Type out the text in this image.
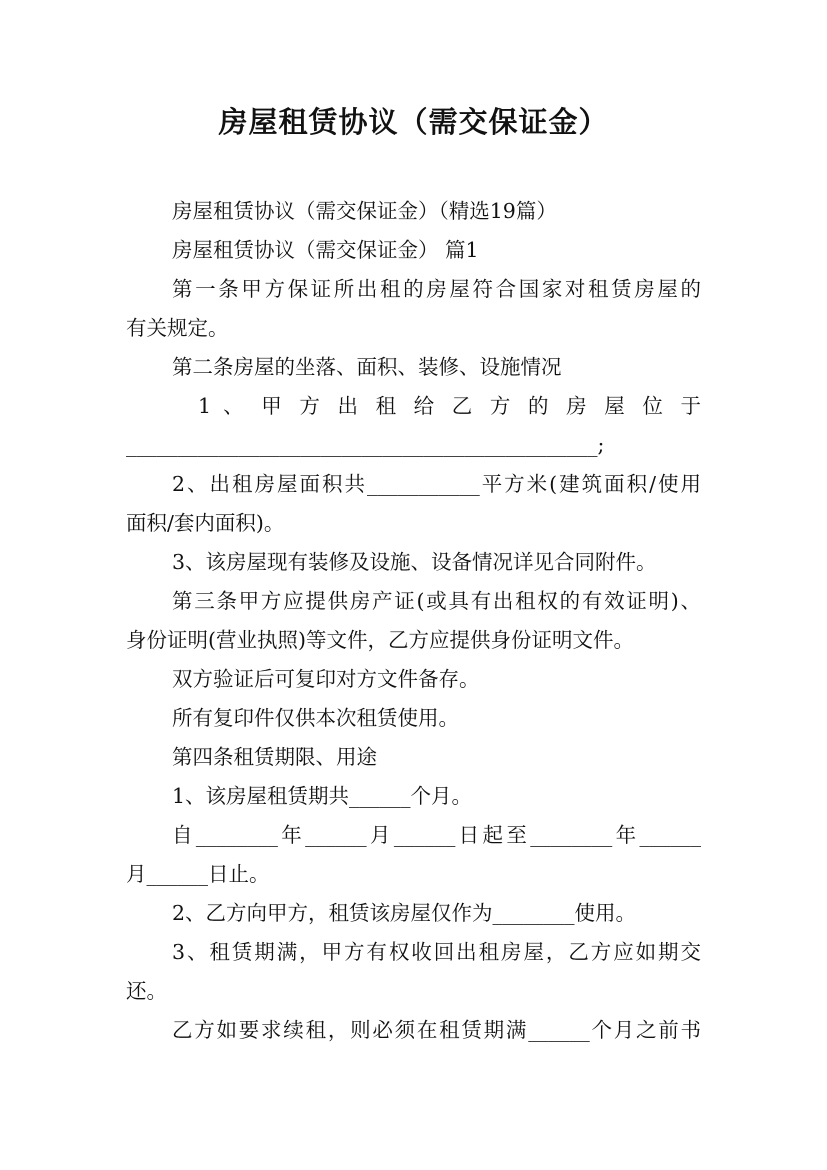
房屋租赁协议（需交保证金）
房屋租赁协议（需交保证金）（精选19篇）
房屋租赁协议（需交保证金） 篇1
第一条甲方保证所出租的房屋符合国家对租赁房屋的
有关规定。
第二条房屋的坐落、面积、装修、设施情况
1 、 甲 方 出 租 给 乙 方 的 房 屋 位 于
______________________________________________;
2、出租房屋面积共___________平方米(建筑面积/使用
面积/套内面积)。
3、该房屋现有装修及设施、设备情况详见合同附件。
第三条甲方应提供房产证(或具有出租权的有效证明)、
身份证明(营业执照)等文件，乙方应提供身份证明文件。
双方验证后可复印对方文件备存。
所有复印件仅供本次租赁使用。
第四条租赁期限、用途
1、该房屋租赁期共______个月。
自________年______月______日起至________年______
月______日止。
2、乙方向甲方，租赁该房屋仅作为________使用。
3、租赁期满，甲方有权收回出租房屋，乙方应如期交
还。
乙方如要求续租，则必须在租赁期满______个月之前书
